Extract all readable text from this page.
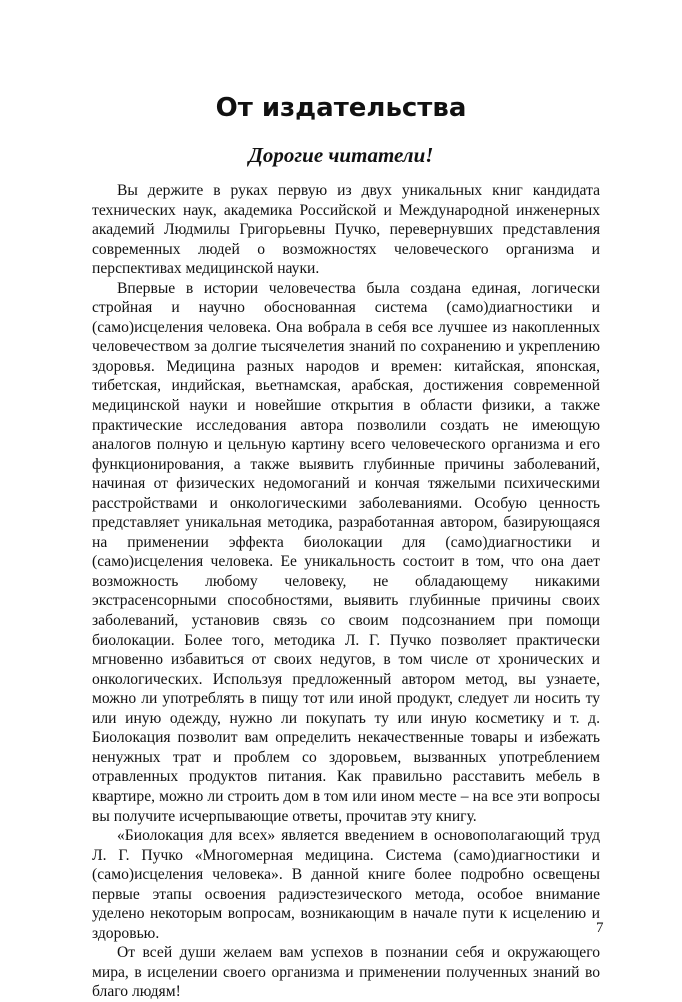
От издательства
Дорогие читатели!

Вы держите в руках первую из двух уникальных книг кандидата технических наук, академика Российской и Международной инженерных академий Людмилы Григорьевны Пучко, перевернувших представления современных людей о возможностях человеческого организма и перспективах медицинской науки.

Впервые в истории человечества была создана единая, логически стройная и научно обоснованная система (само)диагностики и (само)исцеления человека. Она вобрала в себя все лучшее из накопленных человечеством за долгие тысячелетия знаний по сохранению и укреплению здоровья. Медицина разных народов и времен: китайская, японская, тибетская, индийская, вьетнамская, арабская, достижения современной медицинской науки и новейшие открытия в области физики, а также практические исследования автора позволили создать не имеющую аналогов полную и цельную картину всего человеческого организма и его функционирования, а также выявить глубинные причины заболеваний, начиная от физических недомоганий и кончая тяжелыми психическими расстройствами и онкологическими заболеваниями. Особую ценность представляет уникальная методика, разработанная автором, базирующаяся на применении эффекта биолокации для (само)диагностики и (само)исцеления человека. Ее уникальность состоит в том, что она дает возможность любому человеку, не обладающему никакими экстрасенсорными способностями, выявить глубинные причины своих заболеваний, установив связь со своим подсознанием при помощи биолокации. Более того, методика Л. Г. Пучко позволяет практически мгновенно избавиться от своих недугов, в том числе от хронических и онкологических. Используя предложенный автором метод, вы узнаете, можно ли употреблять в пищу тот или иной продукт, следует ли носить ту или иную одежду, нужно ли покупать ту или иную косметику и т. д. Биолокация позволит вам определить некачественные товары и избежать ненужных трат и проблем со здоровьем, вызванных употреблением отравленных продуктов питания. Как правильно расставить мебель в квартире, можно ли строить дом в том или ином месте – на все эти вопросы вы получите исчерпывающие ответы, прочитав эту книгу.

«Биолокация для всех» является введением в основополагающий труд Л. Г. Пучко «Многомерная медицина. Система (само)диагностики и (само)исцеления человека». В данной книге более подробно освещены первые этапы освоения радиэстезического метода, особое внимание уделено некоторым вопросам, возникающим в начале пути к исцелению и здоровью.

От всей души желаем вам успехов в познании себя и окружающего мира, в исцелении своего организма и применении полученных знаний во благо людям!

7
